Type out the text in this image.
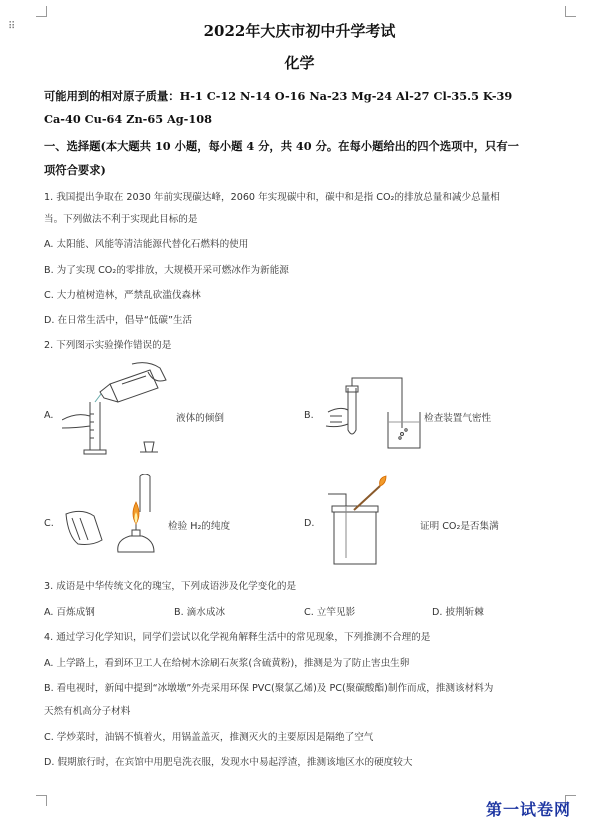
⠿	2022年大庆市初中升学考试
化学
可能用到的相对原子质量：H-1 C-12 N-14 O-16 Na-23 Mg-24 Al-27 Cl-35.5 K-39
Ca-40 Cu-64 Zn-65 Ag-108
一、选择题(本大题共 10 小题，每小题 4 分，共 40 分。在每小题给出的四个选项中，只有一
项符合要求)
1. 我国提出争取在 2030 年前实现碳达峰，2060 年实现碳中和，碳中和是指 CO₂的排放总量和减少总量相
当。下列做法不利于实现此目标的是
A. 太阳能、风能等清洁能源代替化石燃料的使用
B. 为了实现 CO₂的零排放，大规模开采可燃冰作为新能源
C. 大力植树造林，严禁乱砍滥伐森林
D. 在日常生活中，倡导“低碳”生活
2. 下列图示实验操作错误的是
A.	液体的倾倒	B.	检查装置气密性
C.	检验 H₂的纯度	D.	证明 CO₂是否集满
3. 成语是中华传统文化的瑰宝，下列成语涉及化学变化的是
A. 百炼成钢	B. 滴水成冰	C. 立竿见影	D. 披荆斩棘
4. 通过学习化学知识，同学们尝试以化学视角解释生活中的常见现象，下列推测不合理的是
A. 上学路上，看到环卫工人在给树木涂刷石灰浆(含硫黄粉)，推测是为了防止害虫生卵
B. 看电视时，新闻中提到“冰墩墩”外壳采用环保 PVC(聚氯乙烯)及 PC(聚碳酸酯)制作而成，推测该材料为
天然有机高分子材料
C. 学炒菜时，油锅不慎着火，用锅盖盖灭，推测灭火的主要原因是隔绝了空气
D. 假期旅行时，在宾馆中用肥皂洗衣服，发现水中易起浮渣，推测该地区水的硬度较大
第一试卷网
